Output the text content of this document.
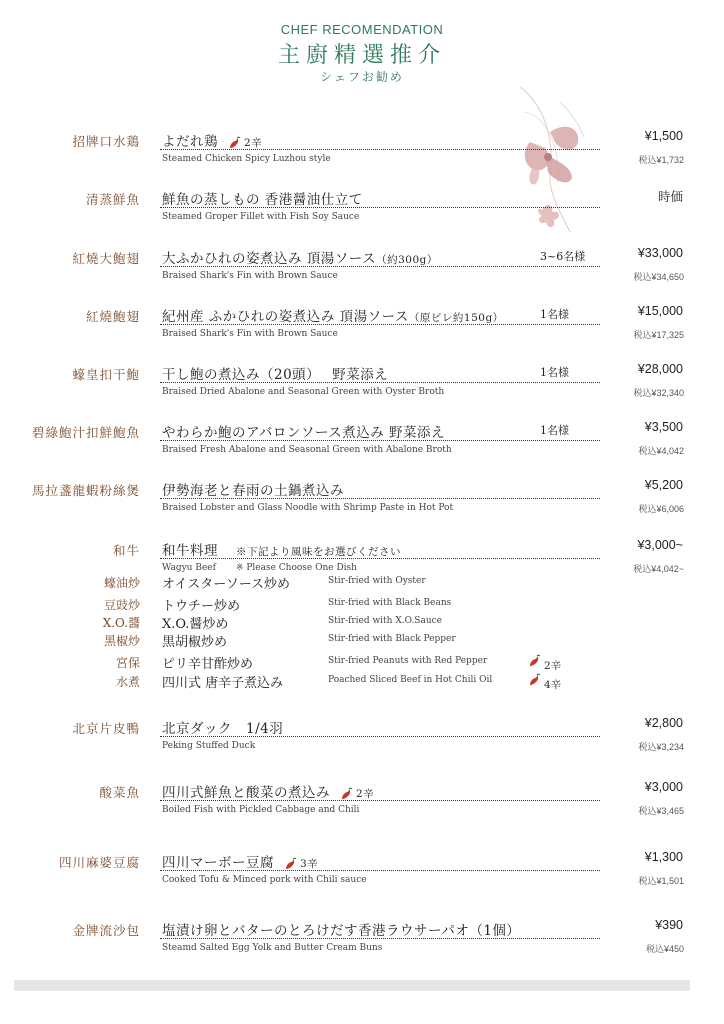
CHEF RECOMENDATION
主廚精選推介
シェフお勧め
招牌口水鶏 よだれ鶏 2辛
Steamed Chicken Spicy Luzhou style
¥1,500
税込¥1,732
清蒸鮮魚 鮮魚の蒸しもの 香港醤油仕立て
Steamed Groper Fillet with Fish Soy Sauce
時価
紅燒大鮑翅 大ふかひれの姿煮込み 頂湯ソース（約300g）	3~6名様
Braised Shark's Fin with Brown Sauce
¥33,000
税込¥34,650
紅燒鮑翅 紀州産 ふかひれの姿煮込み 頂湯ソース（原ビレ約150g）	1名様
Braised Shark's Fin with Brown Sauce
¥15,000
税込¥17,325
蠔皇扣干鮑 干し鮑の煮込み（20頭）　 野菜添え	1名様
Braised Dried Abalone and Seasonal Green with Oyster Broth
¥28,000
税込¥32,340
碧綠鮑汁扣鮮鮑魚 やわらか鮑のアバロンソース煮込み 野菜添え	1名様
Braised Fresh Abalone and Seasonal Green with Abalone Broth
¥3,500
税込¥4,042
馬拉盞龍蝦粉絲煲 伊勢海老と春雨の土鍋煮込み
Braised Lobster and Glass Noodle with Shrimp Paste in Hot Pot
¥5,200
税込¥6,006
和牛 和牛料理 ※下記より風味をお選びください
Wagyu Beef ※ Please Choose One Dish
¥3,000~
税込¥4,042~
北京片皮鴨 北京ダック　1/4羽
Peking Stuffed Duck
¥2,800
税込¥3,234
酸菜魚 四川式鮮魚と酸菜の煮込み 2辛
Boiled Fish with Pickled Cabbage and Chili
¥3,000
税込¥3,465
四川麻婆豆腐 四川マーボー豆腐 3辛
Cooked Tofu & Minced pork with Chili sauce
¥1,300
税込¥1,501
金牌流沙包 塩漬け卵とバターのとろけだす香港ラウサーパオ（1個）
Steamd Salted Egg Yolk and Butter Cream Buns
¥390
税込¥450
蠔油炒 オイスターソース炒め	Stir-fried with Oyster
豆豉炒 トウチー炒め	Stir-fried with Black Beans
X.O.醬 X.O.醤炒め	Stir-fried with X.O.Sauce
黑椒炒 黒胡椒炒め	Stir-fried with Black Pepper
宮保 ピリ辛甘酢炒め	Stir-fried Peanuts with Red Pepper	2辛
水煮 四川式 唐辛子煮込み	Poached Sliced Beef in Hot Chili Oil	4辛
